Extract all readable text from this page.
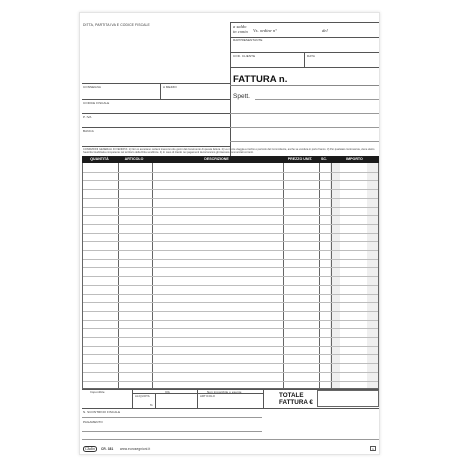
DITTA, PARTITA IVA E CODICE FISCALE	a saldo
in conto Vs. ordine n°	del
RAPPRESENTANTE
COD. CLIENTE	DATA
FATTURA n.
Spett.
CONSEGNA	A MEZZO
CODICE FISCALE
P. IVA
BANCA
CONDIZIONI GENERALI DI VENDITA: 1) Non si accettano reclami trascorsi otto giorni dal ricevimento di questa fattura. 2) La merce viaggia a rischio e pericolo del Committente, anche se venduta in porto franco. 3) Per qualsiasi controversia, viene eletto l'autorità Giudiziaria competente nel territorio della Ditta venditrice. 4) In caso di ritardo nei pagamenti decorreranno gli interessi commerciali correnti.
QUANTITÀ	ARTICOLO	DESCRIZIONE	PREZZO UNIT.	SC.	IMPORTO
Imponibile	IVA	Non imponibile o esente
ALIQUOTA
%
ARTICOLO	TOTALE
FATTURA €
N. SCONTRINO FISCALE
PAGAMENTO
Cludin	CR. 381 www.eurosegnioni.it	1
